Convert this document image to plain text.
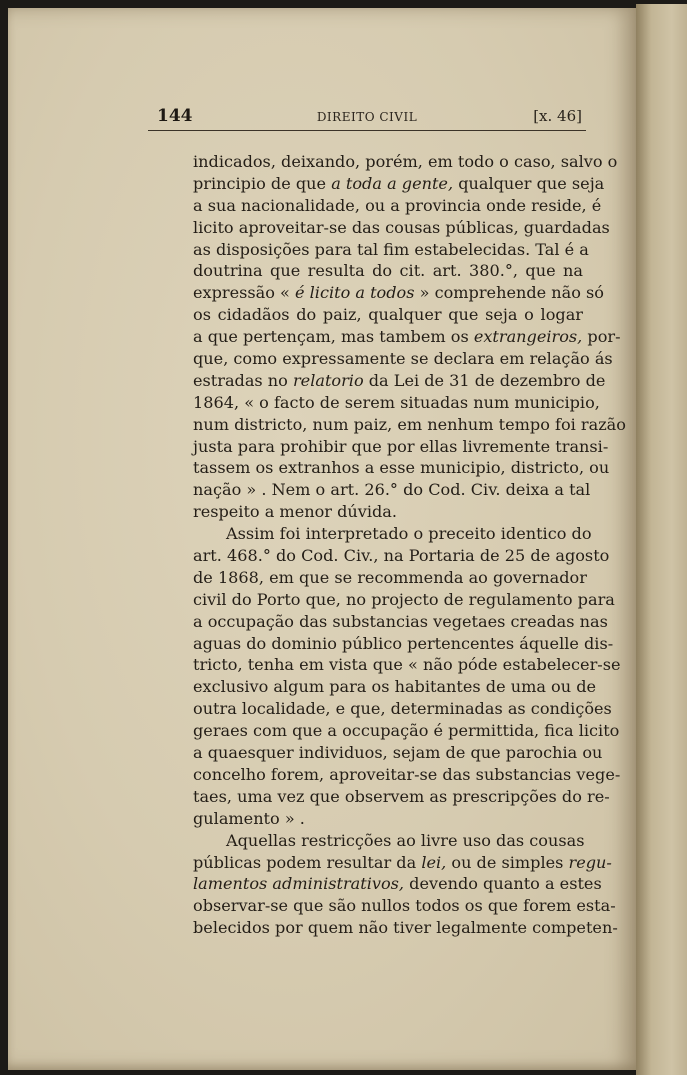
144	DIREITO CIVIL	[x. 46]
indicados, deixando, porém, em todo o caso, salvo o
principio de que a toda a gente, qualquer que seja
a sua nacionalidade, ou a provincia onde reside, é
licito aproveitar-se das cousas públicas, guardadas
as disposições para tal fim estabelecidas. Tal é a
doutrina que resulta do cit. art. 380.°, que na
expressão « é licito a todos » comprehende não só
os cidadãos do paiz, qualquer que seja o logar
a que pertençam, mas tambem os extrangeiros, por-
que, como expressamente se declara em relação ás
estradas no relatorio da Lei de 31 de dezembro de
1864, « o facto de serem situadas num municipio,
num districto, num paiz, em nenhum tempo foi razão
justa para prohibir que por ellas livremente transi-
tassem os extranhos a esse municipio, districto, ou
nação » . Nem o art. 26.° do Cod. Civ. deixa a tal
respeito a menor dúvida.
Assim foi interpretado o preceito identico do
art. 468.° do Cod. Civ., na Portaria de 25 de agosto
de 1868, em que se recommenda ao governador
civil do Porto que, no projecto de regulamento para
a occupação das substancias vegetaes creadas nas
aguas do dominio público pertencentes áquelle dis-
tricto, tenha em vista que « não póde estabelecer-se
exclusivo algum para os habitantes de uma ou de
outra localidade, e que, determinadas as condições
geraes com que a occupação é permittida, fica licito
a quaesquer individuos, sejam de que parochia ou
concelho forem, aproveitar-se das substancias vege-
taes, uma vez que observem as prescripções do re-
gulamento » .
Aquellas restricções ao livre uso das cousas
públicas podem resultar da lei, ou de simples regu-
lamentos administrativos, devendo quanto a estes
observar-se que são nullos todos os que forem esta-
belecidos por quem não tiver legalmente competen-
